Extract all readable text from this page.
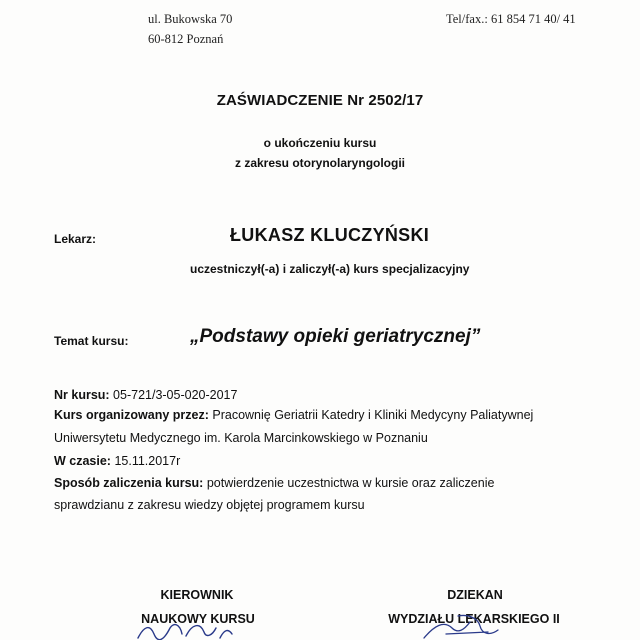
ul. Bukowska 70
60-812 Poznań
Tel/fax.: 61 854 71 40/ 41
ZAŚWIADCZENIE Nr 2502/17
o ukończeniu kursu
z zakresu otorynolaryngologii
Lekarz:	ŁUKASZ KLUCZYŃSKI
uczestniczył(-a) i zaliczył(-a) kurs specjalizacyjny
Temat kursu:	„Podstawy opieki geriatrycznej”
Nr kursu: 05-721/3-05-020-2017
Kurs organizowany przez: Pracownię Geriatrii Katedry i Kliniki Medycyny Paliatywnej
Uniwersytetu Medycznego im. Karola Marcinkowskiego w Poznaniu
W czasie: 15.11.2017r
Sposób zaliczenia kursu: potwierdzenie uczestnictwa w kursie oraz zaliczenie
sprawdzianu z zakresu wiedzy objętej programem kursu
KIEROWNIK
NAUKOWY KURSU
DZIEKAN
WYDZIAŁU LEKARSKIEGO II
